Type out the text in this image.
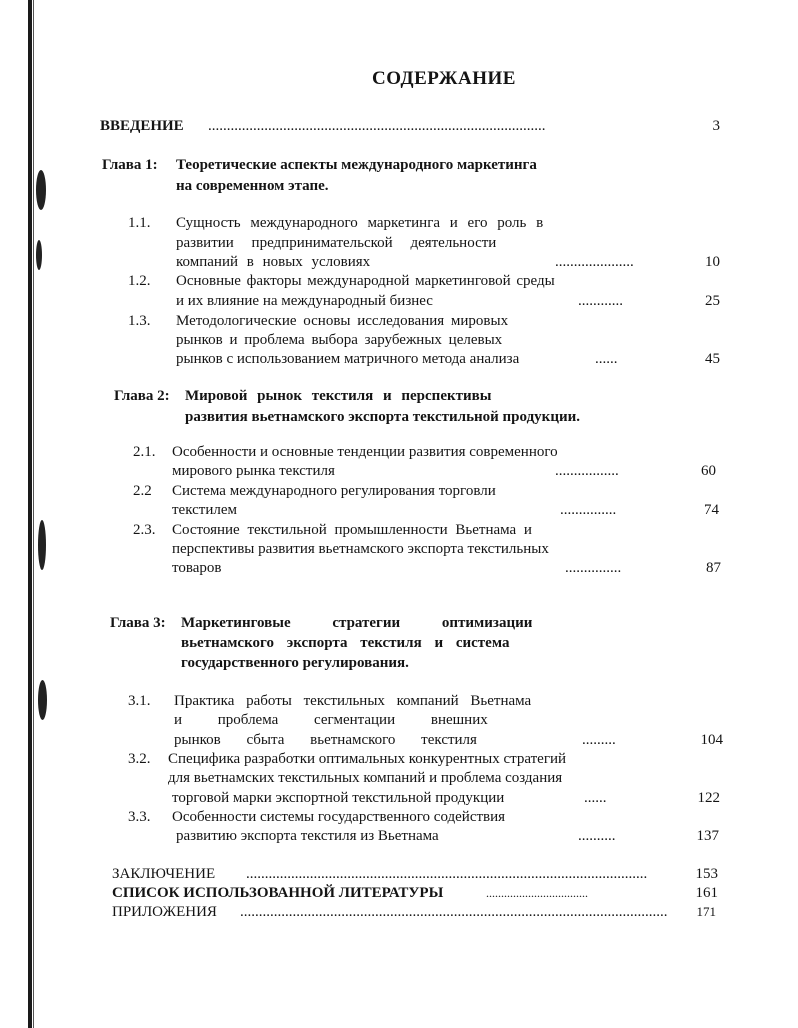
СОДЕРЖАНИЕ
ВВЕДЕНИЕ ..........................................................................................	3
Глава 1: Теоретические аспекты международного маркетинга
на современном этапе.
1.1. Сущность международного маркетинга и его роль в
развитии предпринимательской деятельности
компаний в новых условиях	.....................	10
1.2. Основные факторы международной маркетинговой среды
и их влияние на международный бизнес	............	25
1.3. Методологические основы исследования мировых
рынков и проблема выбора зарубежных целевых
рынков с использованием матричного метода анализа	......	45
Глава 2: Мировой рынок текстиля и перспективы
развития вьетнамского экспорта текстильной продукции.
2.1. Особенности и основные тенденции развития современного
мирового рынка текстиля	.................	60
2.2 Система международного регулирования торговли
текстилем	...............	74
2.3. Состояние текстильной промышленности Вьетнама и
перспективы развития вьетнамского экспорта текстильных
товаров	...............	87
Глава 3: Маркетинговые стратегии оптимизации
вьетнамского экспорта текстиля и система
государственного регулирования.
3.1. Практика работы текстильных компаний Вьетнама
и проблема сегментации внешних
рынков сбыта вьетнамского текстиля	.........	104
3.2. Специфика разработки оптимальных конкурентных стратегий
для вьетнамских текстильных компаний и проблема создания
торговой марки экспортной текстильной продукции	......	122
3.3. Особенности системы государственного содействия
развитию экспорта текстиля из Вьетнама	..........	137
ЗАКЛЮЧЕНИЕ ...........................................................................................................	153
СПИСОК ИСПОЛЬЗОВАННОЙ ЛИТЕРАТУРЫ	..................................	161
ПРИЛОЖЕНИЯ ..................................................................................................................	171
